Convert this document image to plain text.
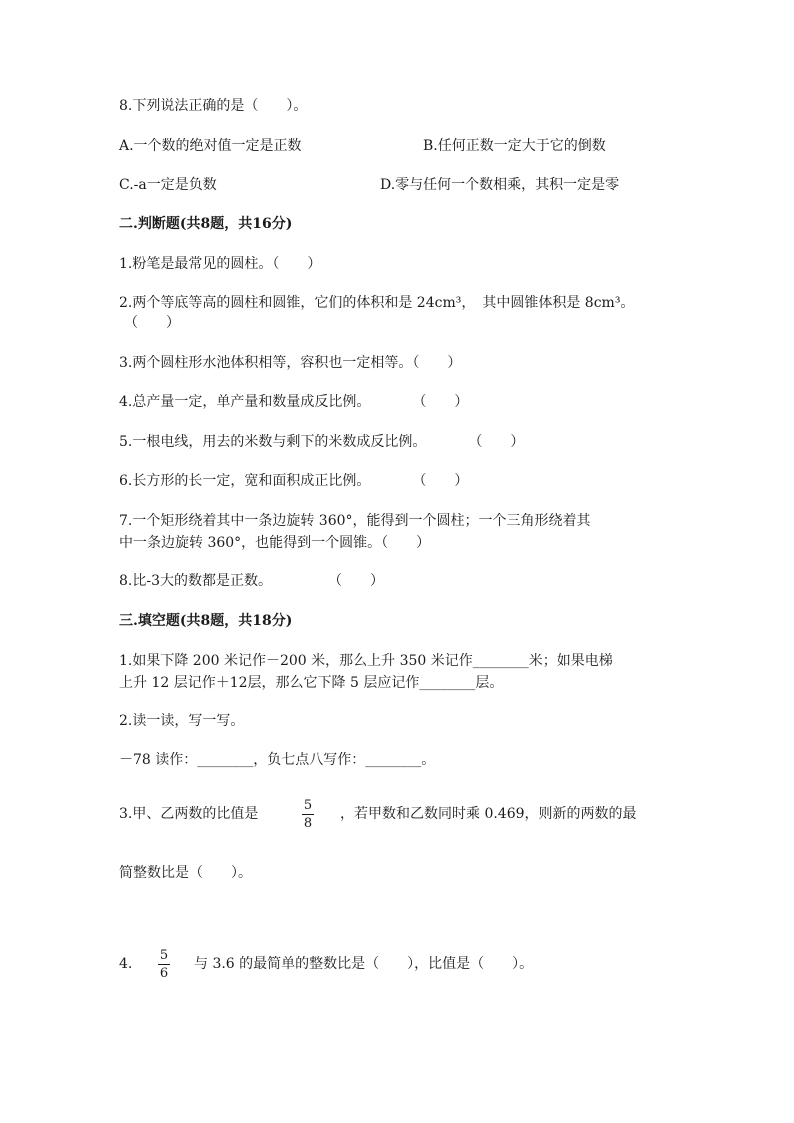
8.下列说法正确的是（　　）。
A.一个数的绝对值一定是正数	B.任何正数一定大于它的倒数
C.-a一定是负数	D.零与任何一个数相乘，其积一定是零
二.判断题(共8题，共16分)
1.粉笔是最常见的圆柱。（　　）
2.两个等底等高的圆柱和圆锥，它们的体积和是 24cm³，　其中圆锥体积是 8cm³。
（　　）
3.两个圆柱形水池体积相等，容积也一定相等。（　　）
4.总产量一定，单产量和数量成反比例。　　　　（　　）
5.一根电线，用去的米数与剩下的米数成反比例。　　　　（　　）
6.长方形的长一定，宽和面积成正比例。　　　　（　　）
7.一个矩形绕着其中一条边旋转 360°，能得到一个圆柱；一个三角形绕着其
中一条边旋转 360°，也能得到一个圆锥。（　　）
8.比-3大的数都是正数。　　　　　（　　）
三.填空题(共8题，共18分)
1.如果下降 200 米记作－200 米，那么上升 350 米记作________米；如果电梯
上升 12 层记作＋12层，那么它下降 5 层应记作________层。
2.读一读，写一写。
－78 读作：________，负七点八写作：________。
3.甲、乙两数的比值是
5
8
，若甲数和乙数同时乘 0.469，则新的两数的最
简整数比是（　　）。
4.
5
6
与 3.6 的最简单的整数比是（　　），比值是（　　）。
